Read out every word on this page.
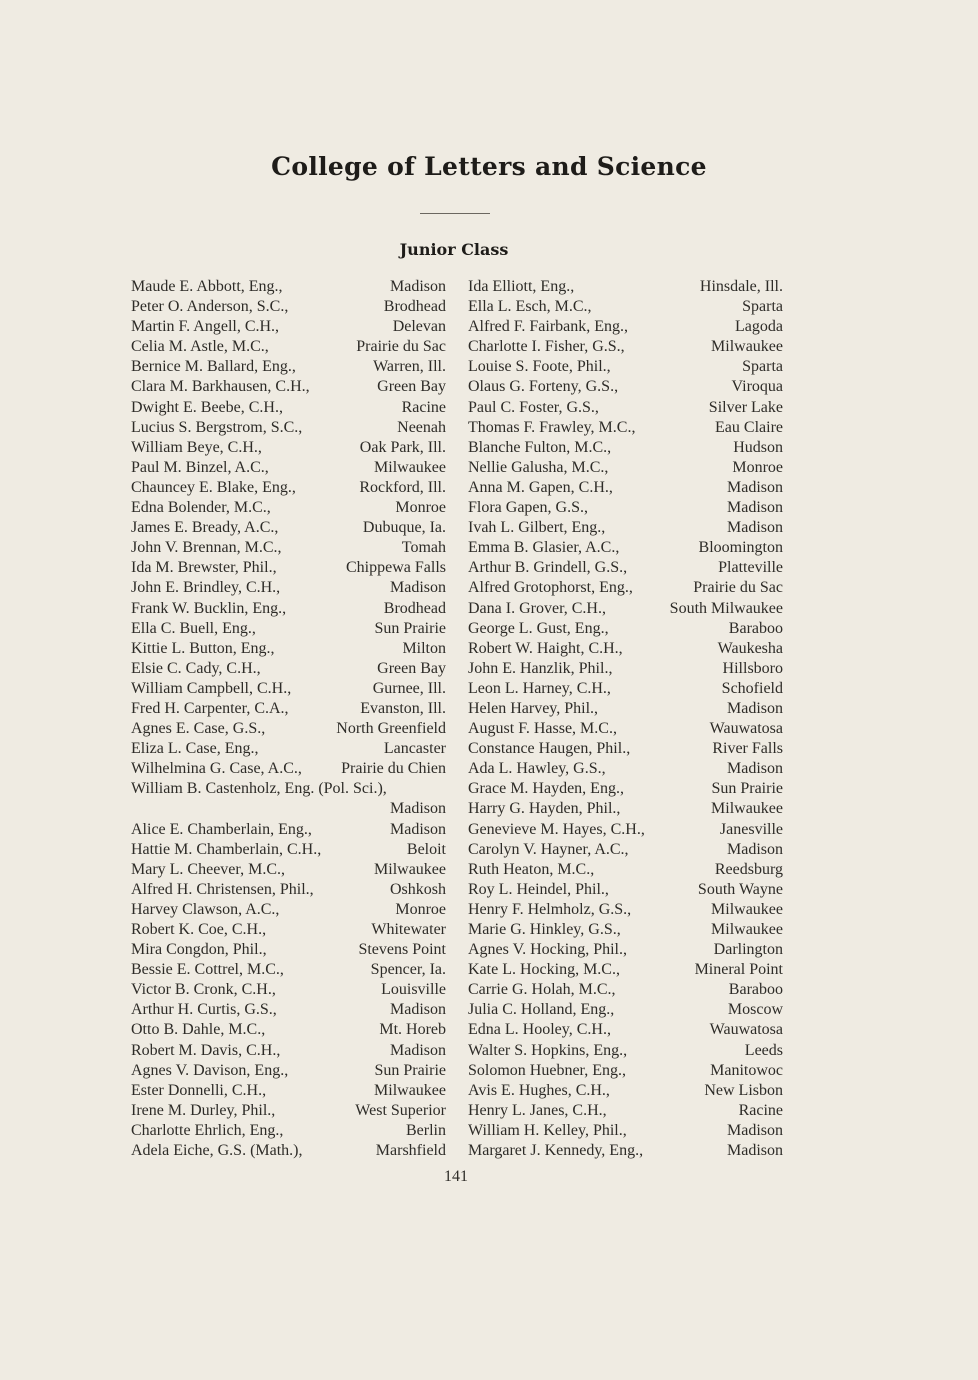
College of Letters and Science
Junior Class
Maude E. Abbott, Eng.,	Madison
Peter O. Anderson, S.C.,	Brodhead
Martin F. Angell, C.H.,	Delevan
Celia M. Astle, M.C.,	Prairie du Sac
Bernice M. Ballard, Eng.,	Warren, Ill.
Clara M. Barkhausen, C.H.,	Green Bay
Dwight E. Beebe, C.H.,	Racine
Lucius S. Bergstrom, S.C.,	Neenah
William Beye, C.H.,	Oak Park, Ill.
Paul M. Binzel, A.C.,	Milwaukee
Chauncey E. Blake, Eng.,	Rockford, Ill.
Edna Bolender, M.C.,	Monroe
James E. Bready, A.C.,	Dubuque, Ia.
John V. Brennan, M.C.,	Tomah
Ida M. Brewster, Phil.,	Chippewa Falls
John E. Brindley, C.H.,	Madison
Frank W. Bucklin, Eng.,	Brodhead
Ella C. Buell, Eng.,	Sun Prairie
Kittie L. Button, Eng.,	Milton
Elsie C. Cady, C.H.,	Green Bay
William Campbell, C.H.,	Gurnee, Ill.
Fred H. Carpenter, C.A.,	Evanston, Ill.
Agnes E. Case, G.S.,	North Greenfield
Eliza L. Case, Eng.,	Lancaster
Wilhelmina G. Case, A.C.,	Prairie du Chien
William B. Castenholz, Eng. (Pol. Sci.),
Madison
Alice E. Chamberlain, Eng.,	Madison
Hattie M. Chamberlain, C.H.,	Beloit
Mary L. Cheever, M.C.,	Milwaukee
Alfred H. Christensen, Phil.,	Oshkosh
Harvey Clawson, A.C.,	Monroe
Robert K. Coe, C.H.,	Whitewater
Mira Congdon, Phil.,	Stevens Point
Bessie E. Cottrel, M.C.,	Spencer, Ia.
Victor B. Cronk, C.H.,	Louisville
Arthur H. Curtis, G.S.,	Madison
Otto B. Dahle, M.C.,	Mt. Horeb
Robert M. Davis, C.H.,	Madison
Agnes V. Davison, Eng.,	Sun Prairie
Ester Donnelli, C.H.,	Milwaukee
Irene M. Durley, Phil.,	West Superior
Charlotte Ehrlich, Eng.,	Berlin
Adela Eiche, G.S. (Math.),	Marshfield
Ida Elliott, Eng.,	Hinsdale, Ill.
Ella L. Esch, M.C.,	Sparta
Alfred F. Fairbank, Eng.,	Lagoda
Charlotte I. Fisher, G.S.,	Milwaukee
Louise S. Foote, Phil.,	Sparta
Olaus G. Forteny, G.S.,	Viroqua
Paul C. Foster, G.S.,	Silver Lake
Thomas F. Frawley, M.C.,	Eau Claire
Blanche Fulton, M.C.,	Hudson
Nellie Galusha, M.C.,	Monroe
Anna M. Gapen, C.H.,	Madison
Flora Gapen, G.S.,	Madison
Ivah L. Gilbert, Eng.,	Madison
Emma B. Glasier, A.C.,	Bloomington
Arthur B. Grindell, G.S.,	Platteville
Alfred Grotophorst, Eng.,	Prairie du Sac
Dana I. Grover, C.H.,	South Milwaukee
George L. Gust, Eng.,	Baraboo
Robert W. Haight, C.H.,	Waukesha
John E. Hanzlik, Phil.,	Hillsboro
Leon L. Harney, C.H.,	Schofield
Helen Harvey, Phil.,	Madison
August F. Hasse, M.C.,	Wauwatosa
Constance Haugen, Phil.,	River Falls
Ada L. Hawley, G.S.,	Madison
Grace M. Hayden, Eng.,	Sun Prairie
Harry G. Hayden, Phil.,	Milwaukee
Genevieve M. Hayes, C.H.,	Janesville
Carolyn V. Hayner, A.C.,	Madison
Ruth Heaton, M.C.,	Reedsburg
Roy L. Heindel, Phil.,	South Wayne
Henry F. Helmholz, G.S.,	Milwaukee
Marie G. Hinkley, G.S.,	Milwaukee
Agnes V. Hocking, Phil.,	Darlington
Kate L. Hocking, M.C.,	Mineral Point
Carrie G. Holah, M.C.,	Baraboo
Julia C. Holland, Eng.,	Moscow
Edna L. Hooley, C.H.,	Wauwatosa
Walter S. Hopkins, Eng.,	Leeds
Solomon Huebner, Eng.,	Manitowoc
Avis E. Hughes, C.H.,	New Lisbon
Henry L. Janes, C.H.,	Racine
William H. Kelley, Phil.,	Madison
Margaret J. Kennedy, Eng.,	Madison
141
